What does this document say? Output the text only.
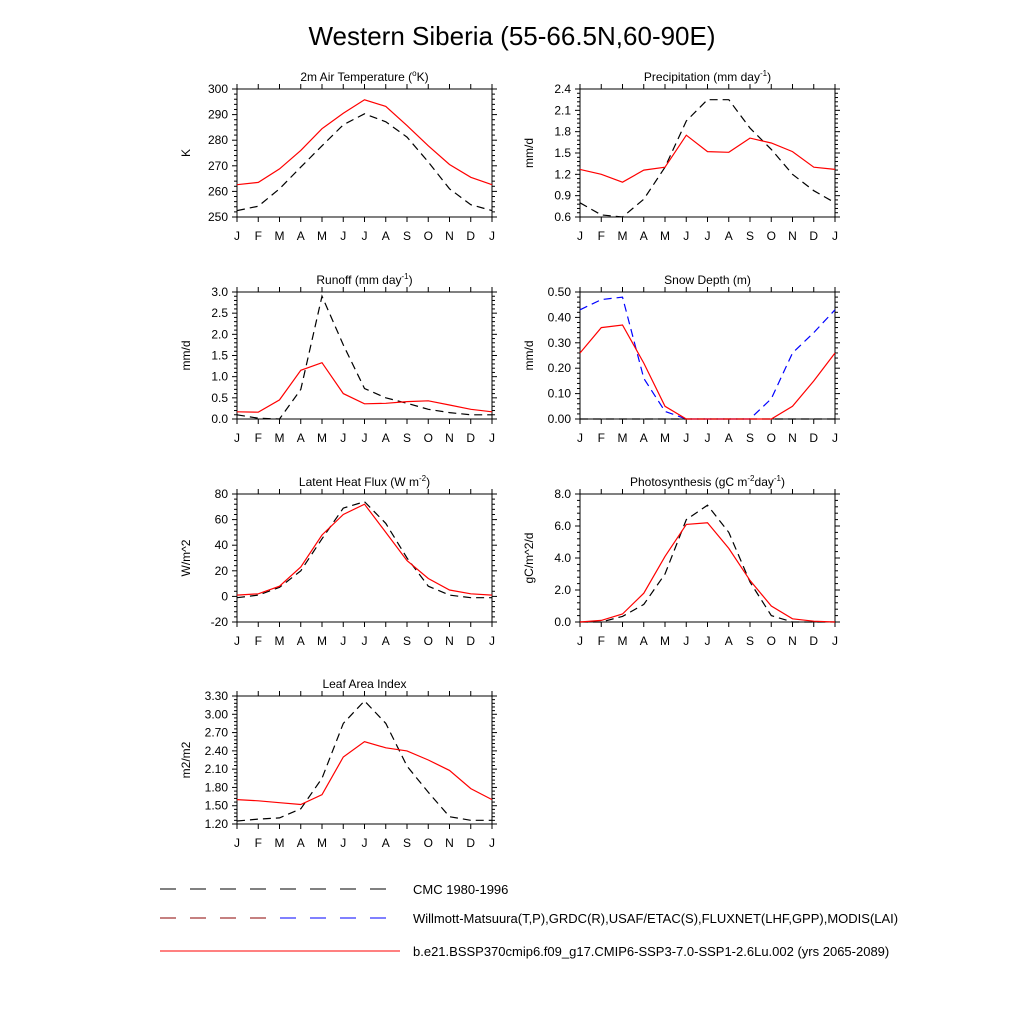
Western Siberia (55-66.5N,60-90E)
2m Air Temperature ($^o$K)
K
250
260
270
280
290
300
J F M A M J J A S O N D J
Precipitation (mm day$^{-1}$)
mm/d
0.6
0.9
1.2
1.5
1.8
2.1
2.4
J F M A M J J A S O N D J
Runoff (mm day$^{-1}$)
mm/d
0.0
0.5
1.0
1.5
2.0
2.5
3.0
J F M A M J J A S O N D J
Snow Depth (m)
mm/d
0.00
0.10
0.20
0.30
0.40
0.50
J F M A M J J A S O N D J
Latent Heat Flux (W $m^{-2}$)
W/m^2
-20
0
20
40
60
80
J F M A M J J A S O N D J
Photosynthesis (gC $m^{-2}day^{-1}$)
gC/m^2/d
0.0
2.0
4.0
6.0
8.0
J F M A M J J A S O N D J
Leaf Area Index
m2/m2
1.20
1.50
1.80
2.10
2.40
2.70
3.00
3.30
J F M A M J J A S O N D J
CMC 1980-1996
Willmott-Matsuura(T,P),GRDC(R),USAF/ETAC(S),FLUXNET(LHF,GPP),MODIS(LAI)
b.e21.BSSP370cmip6.f09_g17.CMIP6-SSP3-7.0-SSP1-2.6Lu.002 (yrs 2065-2089)
